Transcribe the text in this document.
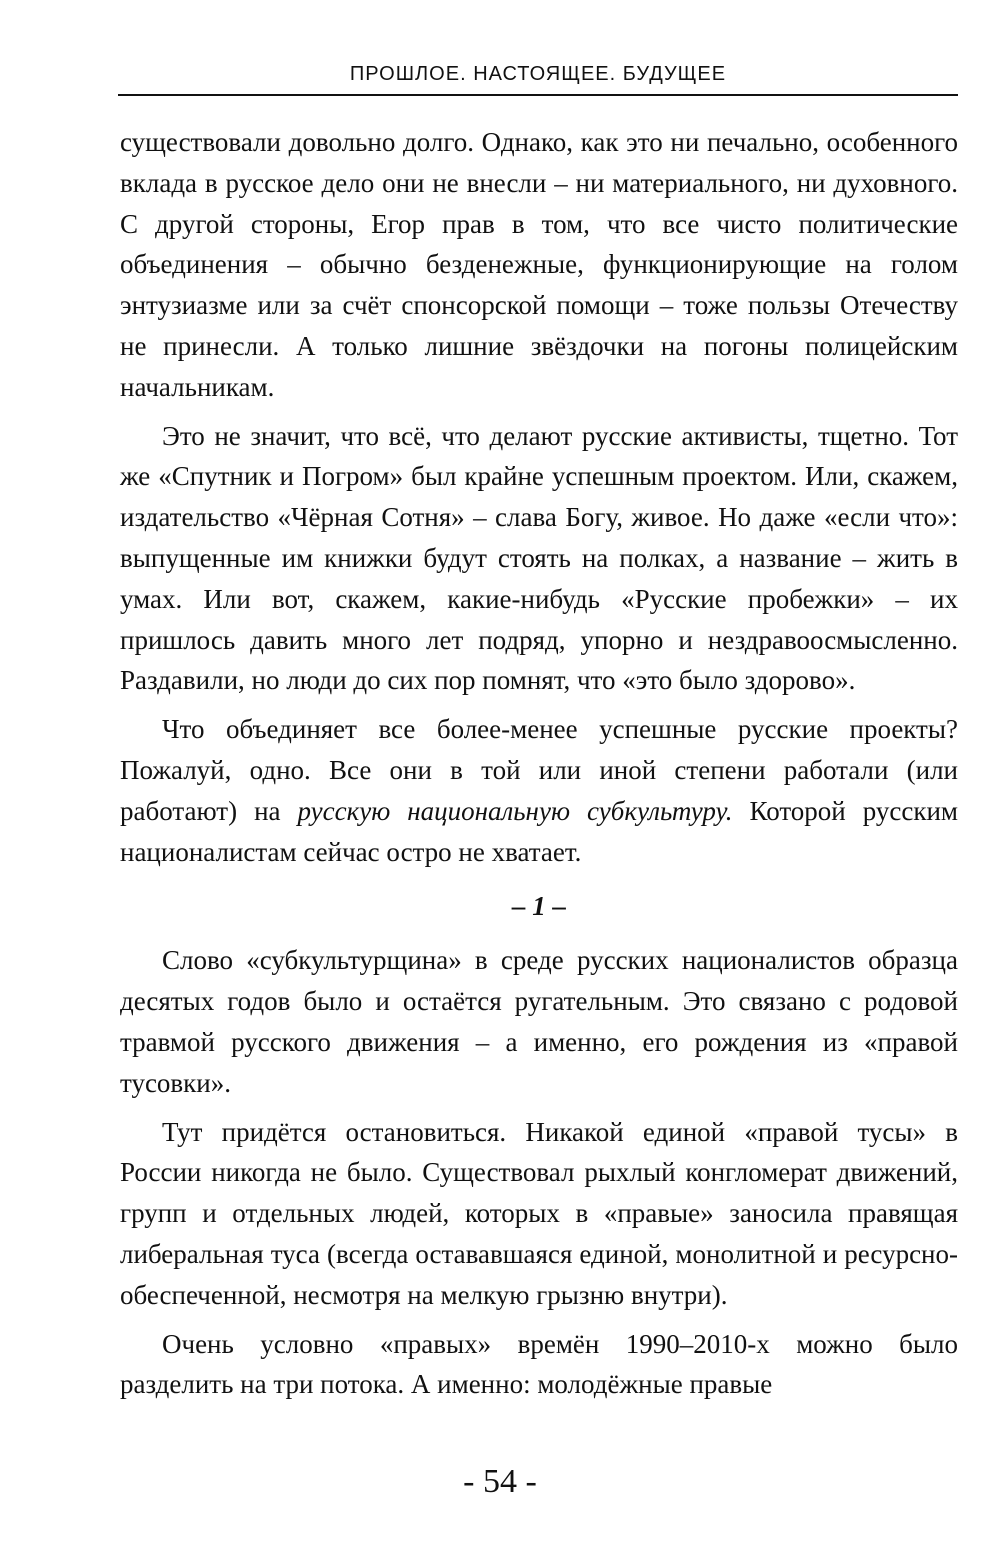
ПРОШЛОЕ. НАСТОЯЩЕЕ. БУДУЩЕЕ

существовали довольно долго. Однако, как это ни печально, особенного вклада в русское дело они не внесли – ни материального, ни духовного. С другой стороны, Егор прав в том, что все чисто политические объединения – обычно безденежные, функционирующие на голом энтузиазме или за счёт спонсорской помощи – тоже пользы Отечеству не принесли. А только лишние звёздочки на погоны полицейским начальникам.

Это не значит, что всё, что делают русские активисты, тщетно. Тот же «Спутник и Погром» был крайне успешным проектом. Или, скажем, издательство «Чёрная Сотня» – слава Богу, живое. Но даже «если что»: выпущенные им книжки будут стоять на полках, а название – жить в умах. Или вот, скажем, какие-нибудь «Русские пробежки» – их пришлось давить много лет подряд, упорно и нездравоосмысленно. Раздавили, но люди до сих пор помнят, что «это было здорово».

Что объединяет все более-менее успешные русские проекты? Пожалуй, одно. Все они в той или иной степени работали (или работают) на русскую национальную субкультуру. Которой русским националистам сейчас остро не хватает.

– 1 –

Слово «субкультурщина» в среде русских националистов образца десятых годов было и остаётся ругательным. Это связано с родовой травмой русского движения – а именно, его рождения из «правой тусовки».

Тут придётся остановиться. Никакой единой «правой тусы» в России никогда не было. Существовал рыхлый конгломерат движений, групп и отдельных людей, которых в «правые» заносила правящая либеральная туса (всегда остававшаяся единой, монолитной и ресурсно-обеспеченной, несмотря на мелкую грызню внутри).

Очень условно «правых» времён 1990–2010-х можно было разделить на три потока. А именно: молодёжные правые

- 54 -
